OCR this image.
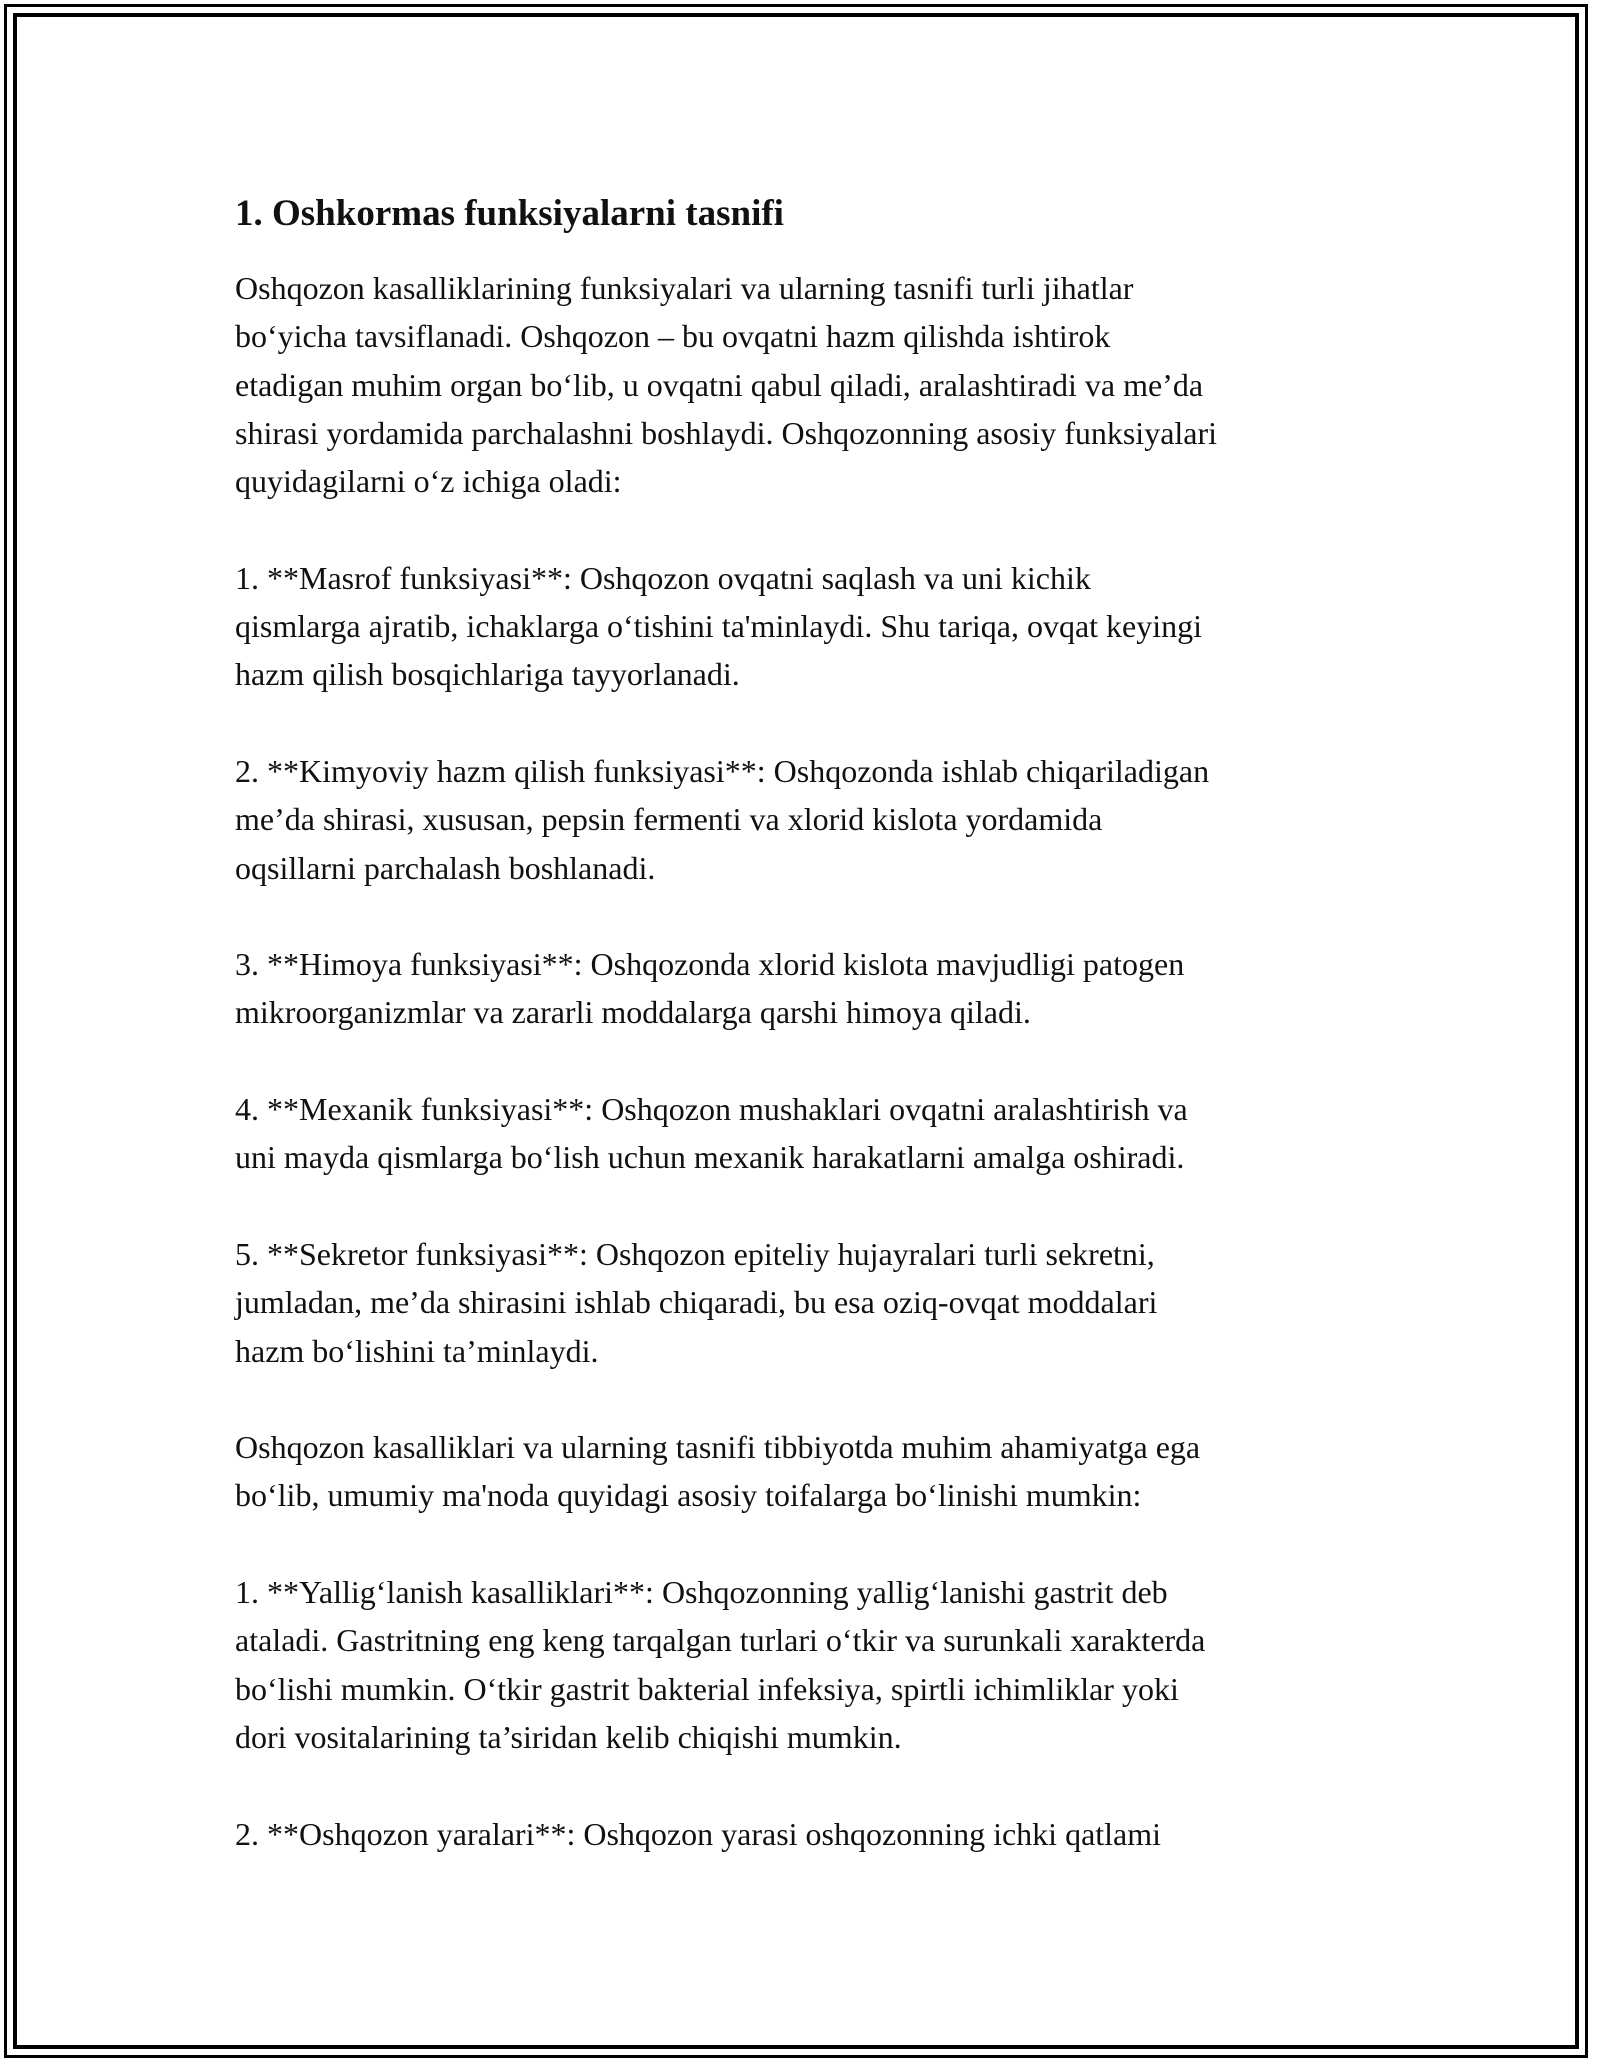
1. Oshkormas funksiyalarni tasnifi

Oshqozon kasalliklarining funksiyalari va ularning tasnifi turli jihatlar
bo‘yicha tavsiflanadi. Oshqozon – bu ovqatni hazm qilishda ishtirok
etadigan muhim organ bo‘lib, u ovqatni qabul qiladi, aralashtiradi va me’da
shirasi yordamida parchalashni boshlaydi. Oshqozonning asosiy funksiyalari
quyidagilarni o‘z ichiga oladi:

1. **Masrof funksiyasi**: Oshqozon ovqatni saqlash va uni kichik
qismlarga ajratib, ichaklarga o‘tishini ta'minlaydi. Shu tariqa, ovqat keyingi
hazm qilish bosqichlariga tayyorlanadi.

2. **Kimyoviy hazm qilish funksiyasi**: Oshqozonda ishlab chiqariladigan
me’da shirasi, xususan, pepsin fermenti va xlorid kislota yordamida
oqsillarni parchalash boshlanadi.

3. **Himoya funksiyasi**: Oshqozonda xlorid kislota mavjudligi patogen
mikroorganizmlar va zararli moddalarga qarshi himoya qiladi.

4. **Mexanik funksiyasi**: Oshqozon mushaklari ovqatni aralashtirish va
uni mayda qismlarga bo‘lish uchun mexanik harakatlarni amalga oshiradi.

5. **Sekretor funksiyasi**: Oshqozon epiteliy hujayralari turli sekretni,
jumladan, me’da shirasini ishlab chiqaradi, bu esa oziq-ovqat moddalari
hazm bo‘lishini ta’minlaydi.

Oshqozon kasalliklari va ularning tasnifi tibbiyotda muhim ahamiyatga ega
bo‘lib, umumiy ma'noda quyidagi asosiy toifalarga bo‘linishi mumkin:

1. **Yallig‘lanish kasalliklari**: Oshqozonning yallig‘lanishi gastrit deb
ataladi. Gastritning eng keng tarqalgan turlari o‘tkir va surunkali xarakterda
bo‘lishi mumkin. O‘tkir gastrit bakterial infeksiya, spirtli ichimliklar yoki
dori vositalarining ta’siridan kelib chiqishi mumkin.

2. **Oshqozon yaralari**: Oshqozon yarasi oshqozonning ichki qatlami
